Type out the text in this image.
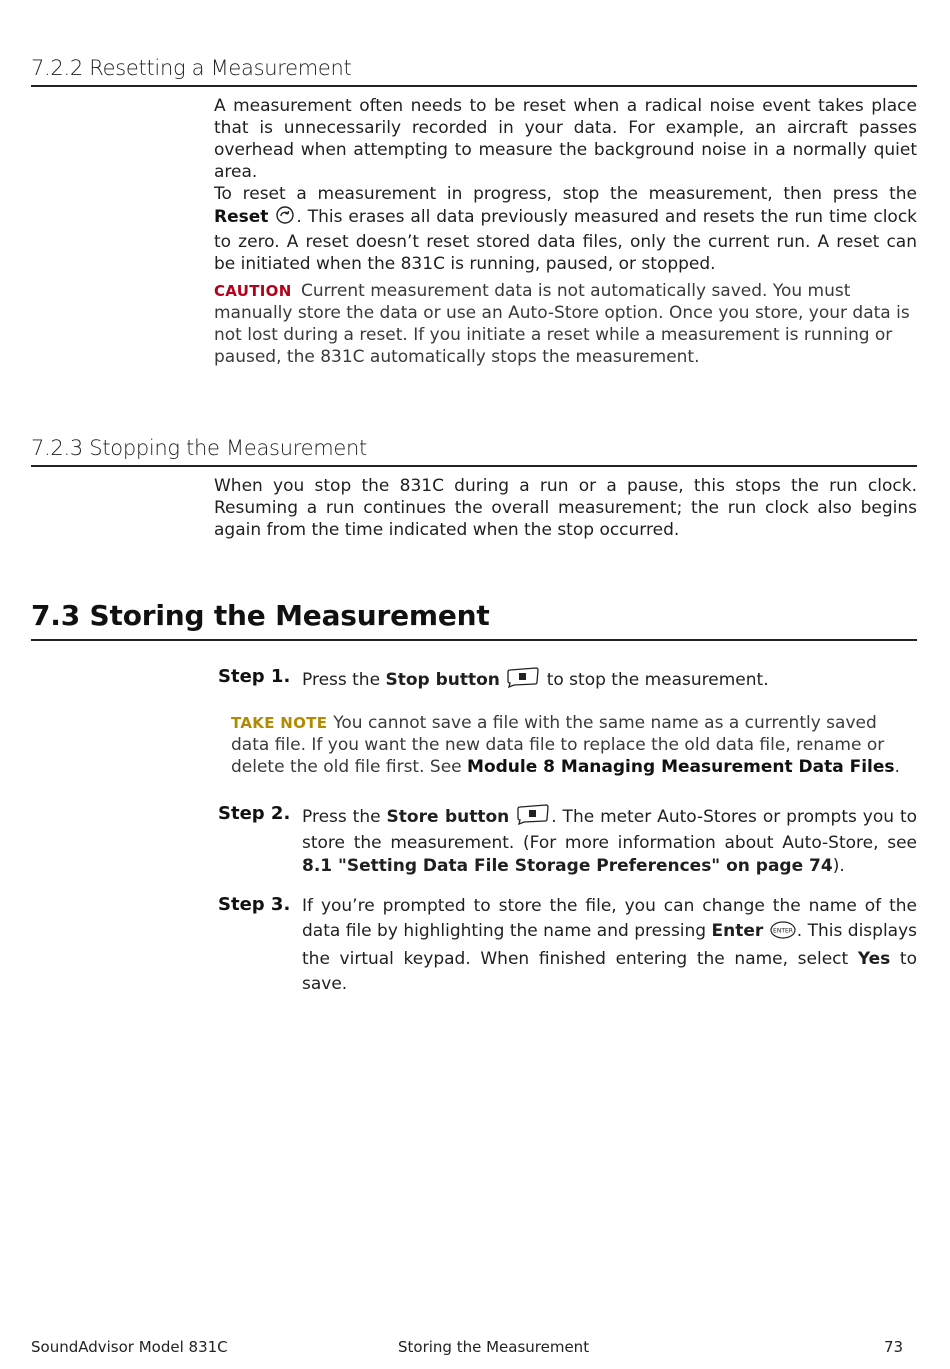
7.2.2 Resetting a Measurement
A measurement often needs to be reset when a radical noise event takes place that is unnecessarily recorded in your data. For example, an aircraft passes overhead when attempting to measure the background noise in a normally quiet area.
To reset a measurement in progress, stop the measurement, then press the Reset . This erases all data previously measured and resets the run time clock to zero. A reset doesn’t reset stored data files, only the current run. A reset can be initiated when the 831C is running, paused, or stopped.
CAUTION Current measurement data is not automatically saved. You must manually store the data or use an Auto-Store option. Once you store, your data is not lost during a reset. If you initiate a reset while a measurement is running or paused, the 831C automatically stops the measurement.
7.2.3 Stopping the Measurement
When you stop the 831C during a run or a pause, this stops the run clock. Resuming a run continues the overall measurement; the run clock also begins again from the time indicated when the stop occurred.
7.3 Storing the Measurement
Step 1. Press the Stop button  to stop the measurement.
TAKE NOTE You cannot save a file with the same name as a currently saved data file. If you want the new data file to replace the old data file, rename or delete the old file first. See Module 8 Managing Measurement Data Files.
Step 2. Press the Store button . The meter Auto-Stores or prompts you to store the measurement. (For more information about Auto-Store, see 8.1 "Setting Data File Storage Preferences" on page 74).
Step 3. If you’re prompted to store the file, you can change the name of the data file by highlighting the name and pressing Enter ENTER . This displays the virtual keypad. When finished entering the name, select Yes to save.
SoundAdvisor Model 831C	Storing the Measurement	73
